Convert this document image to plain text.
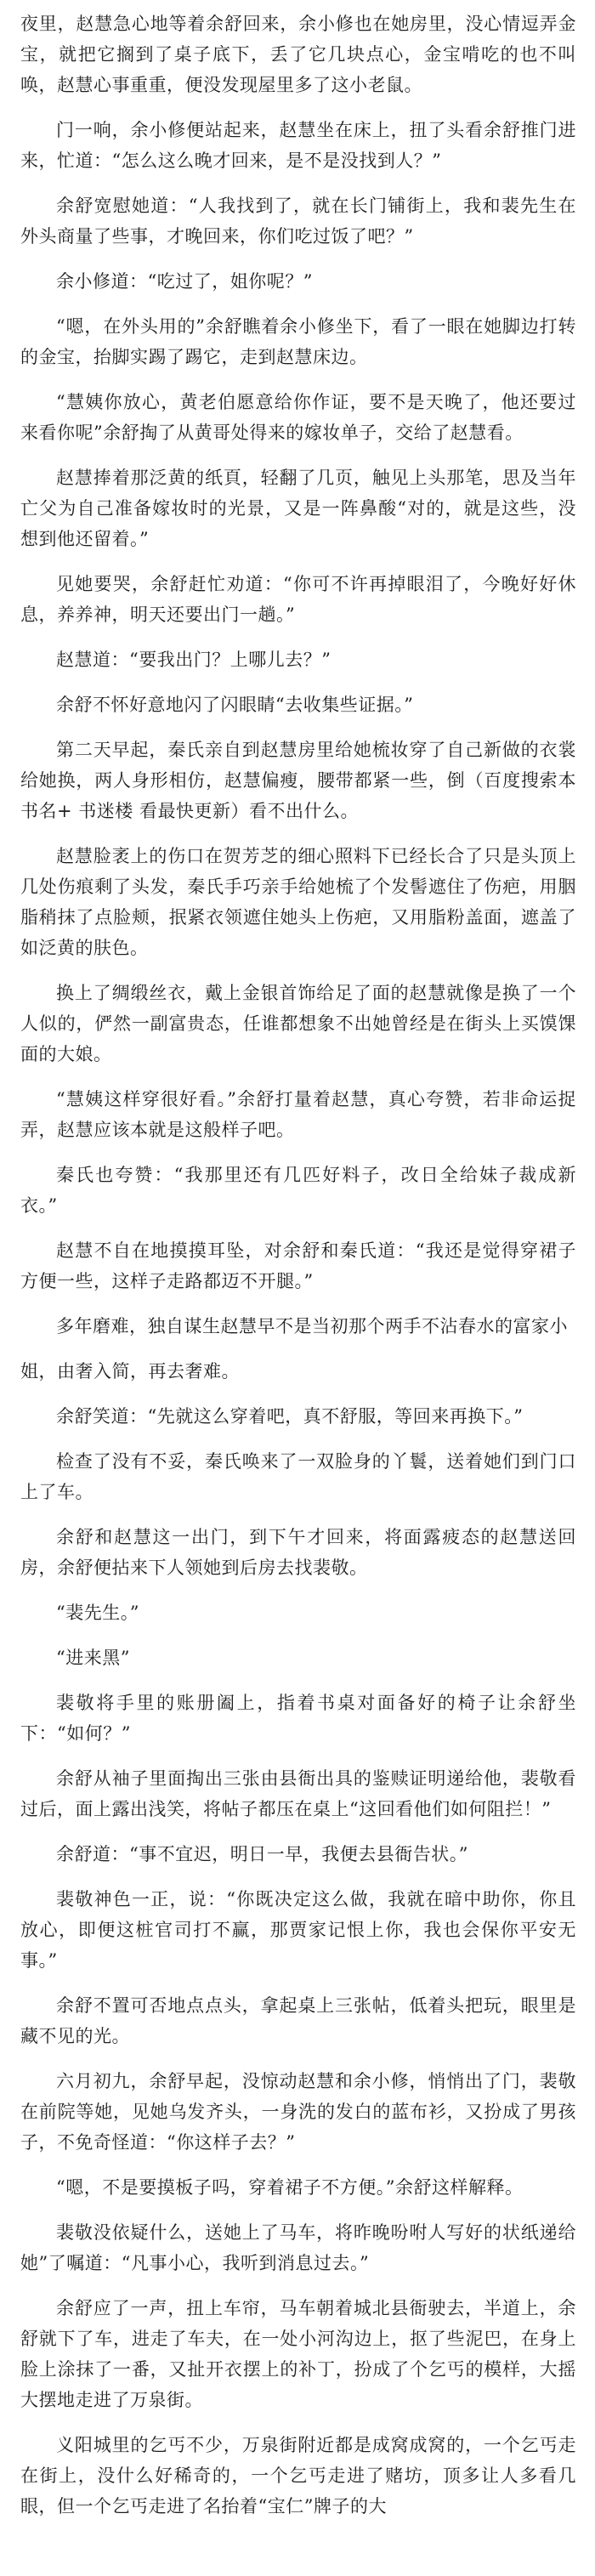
夜里，赵慧急心地等着余舒回来，余小修也在她房里，没心情逗弄金宝，就把它搁到了桌子底下，丢了它几块点心，金宝啃吃的也不叫唤，赵慧心事重重，便没发现屋里多了这小老鼠。

门一响，余小修便站起来，赵慧坐在床上，扭了头看余舒推门进来，忙道：“怎么这么晚才回来，是不是没找到人？”

余舒宽慰她道：“人我找到了，就在长门铺街上，我和裴先生在外头商量了些事，才晚回来，你们吃过饭了吧？”

余小修道：“吃过了，姐你呢？”

“嗯，在外头用的”余舒瞧着余小修坐下，看了一眼在她脚边打转的金宝，抬脚实踢了踢它，走到赵慧床边。

“慧姨你放心，黄老伯愿意给你作证，要不是天晚了，他还要过来看你呢”余舒掏了从黄哥处得来的嫁妆单子，交给了赵慧看。

赵慧捧着那泛黄的纸頁，轻翻了几页，触见上头那笔，思及当年亡父为自己准备嫁妆时的光景，又是一阵鼻酸“对的，就是这些，没想到他还留着。”

见她要哭，余舒赶忙劝道：“你可不许再掉眼泪了，今晚好好休息，养养神，明天还要出门一趟。”

赵慧道：“要我出门？上哪儿去？”

余舒不怀好意地闪了闪眼睛“去收集些证据。”

第二天早起，秦氏亲自到赵慧房里给她梳妆穿了自己新做的衣裳给她换，两人身形相仿，赵慧偏瘦，腰带都紧一些，倒（百度搜索本书名+ 书迷楼 看最快更新）看不出什么。

赵慧脸袤上的伤口在贺芳芝的细心照料下已经长合了只是头顶上几处伤痕剩了头发，秦氏手巧亲手给她梳了个发髻遮住了伤疤，用胭脂稍抹了点脸颊，抿紧衣领遮住她头上伤疤，又用脂粉盖面，遮盖了如泛黄的肤色。

换上了绸缎丝衣，戴上金银首饰给足了面的赵慧就像是换了一个人似的，俨然一副富贵态，任谁都想象不出她曾经是在街头上买馍馃面的大娘。

“慧姨这样穿很好看。”余舒打量着赵慧，真心夸赞，若非命运捉弄，赵慧应该本就是这般样子吧。

秦氏也夸赞：“我那里还有几匹好料子，改日全给妹子裁成新衣。”

赵慧不自在地摸摸耳坠，对余舒和秦氏道：“我还是觉得穿裙子方便一些，这样子走路都迈不开腿。”

多年磨难，独自谋生赵慧早不是当初那个两手不沾春水的富家小

姐，由奢入简，再去奢难。

余舒笑道：“先就这么穿着吧，真不舒服，等回来再换下。”

检查了没有不妥，秦氏唤来了一双脸身的丫鬟，送着她们到门口上了车。

余舒和赵慧这一出门，到下午才回来，将面露疲态的赵慧送回房，余舒便拈来下人领她到后房去找裴敬。

“裴先生。”

“进来黑”

裴敬将手里的账册阖上，指着书桌对面备好的椅子让余舒坐下：“如何？”

余舒从袖子里面掏出三张由县衙出具的鉴赎证明递给他，裴敬看过后，面上露出浅笑，将帖子都压在桌上“这回看他们如何阻拦！”

余舒道：“事不宜迟，明日一早，我便去县衙告状。”

裴敬神色一正，说：“你既决定这么做，我就在暗中助你，你且放心，即便这桩官司打不赢，那贾家记恨上你，我也会保你平安无事。”

余舒不置可否地点点头，拿起桌上三张帖，低着头把玩，眼里是藏不见的光。

六月初九，余舒早起，没惊动赵慧和余小修，悄悄出了门，裴敬在前院等她，见她乌发齐头，一身洗的发白的蓝布衫，又扮成了男孩子，不免奇怪道：“你这样子去？”

“嗯，不是要摸板子吗，穿着裙子不方便。”余舒这样解释。

裴敬没依疑什么，送她上了马车，将昨晚吩咐人写好的状纸递给她”了嘱道：“凡事小心，我听到消息过去。”

余舒应了一声，扭上车帘，马车朝着城北县衙驶去，半道上，余舒就下了车，进走了车夫，在一处小河沟边上，抠了些泥巴，在身上脸上涂抹了一番，又扯开衣摆上的补丁，扮成了个乞丐的模样，大摇大摆地走进了万泉街。

义阳城里的乞丐不少，万泉街附近都是成窝成窝的，一个乞丐走在街上，没什么好稀奇的，一个乞丐走进了赌坊，顶多让人多看几眼，但一个乞丐走进了名抬着“宝仁”牌子的大
